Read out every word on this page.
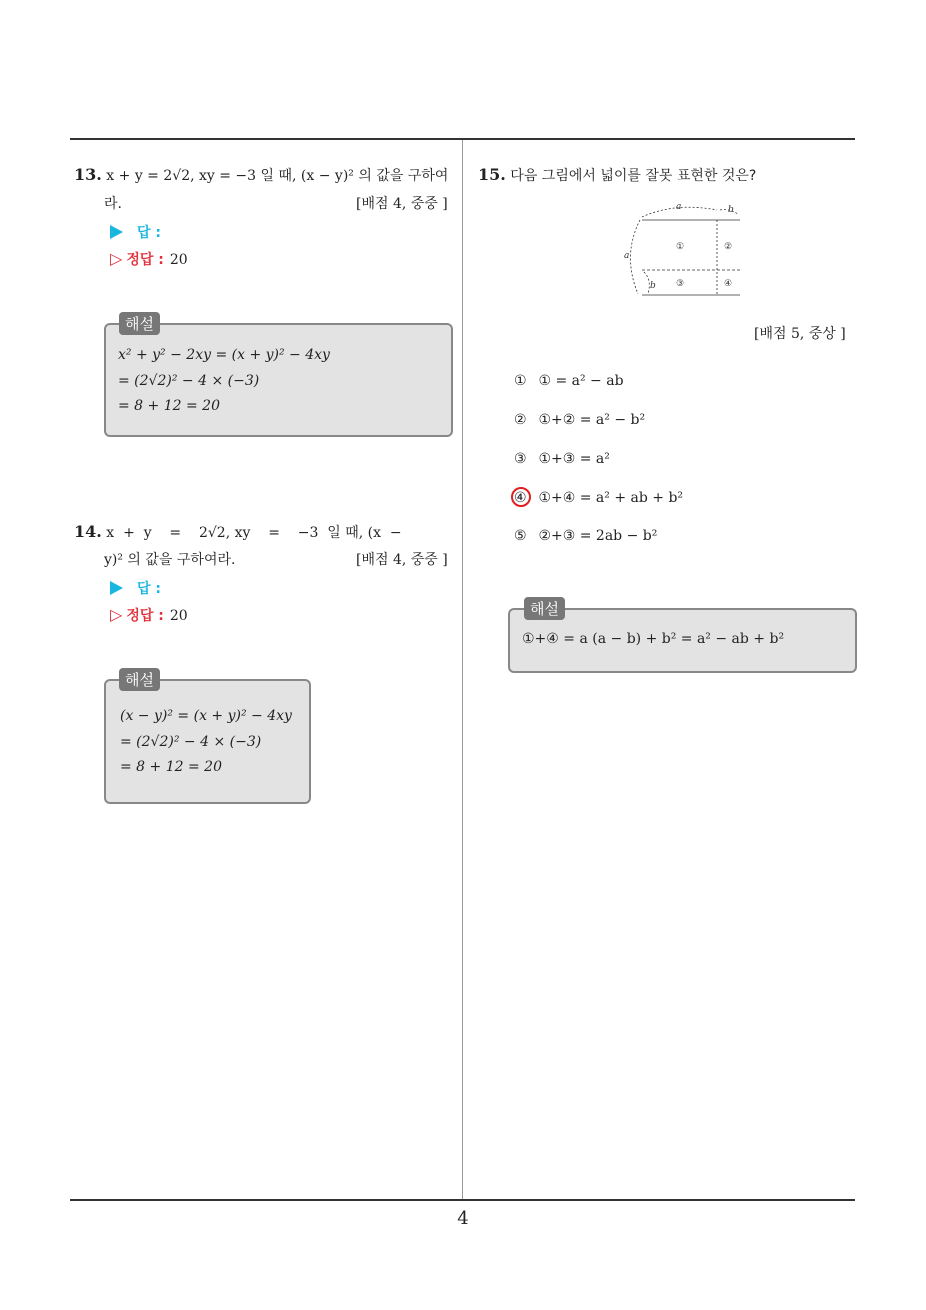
4
13. x + y = 2√2, xy = −3 일 때, (x − y)² 의 값을 구하여
라.	[배점 4, 중중 ]
답 :
▷ 정답 : 20
해설
x² + y² − 2xy = (x + y)² − 4xy
= (2√2)² − 4 × (−3)
= 8 + 12 = 20
14. x  +  y    =    2√2, xy    =    −3  일 때, (x  −
y)² 의 값을 구하여라.	[배점 4, 중중 ]
답 :
▷ 정답 : 20
해설
(x − y)² = (x + y)² − 4xy
= (2√2)² − 4 × (−3)
= 8 + 12 = 20
15. 다음 그림에서 넓이를 잘못 표현한 것은?
a	b
a
b
①	②
③	④
[배점 5, 중상 ]
① ① = a² − ab
② ①+② = a² − b²
③ ①+③ = a²
④ ①+④ = a² + ab + b²
⑤ ②+③ = 2ab − b²
해설
①+④ = a (a − b) + b² = a² − ab + b²
